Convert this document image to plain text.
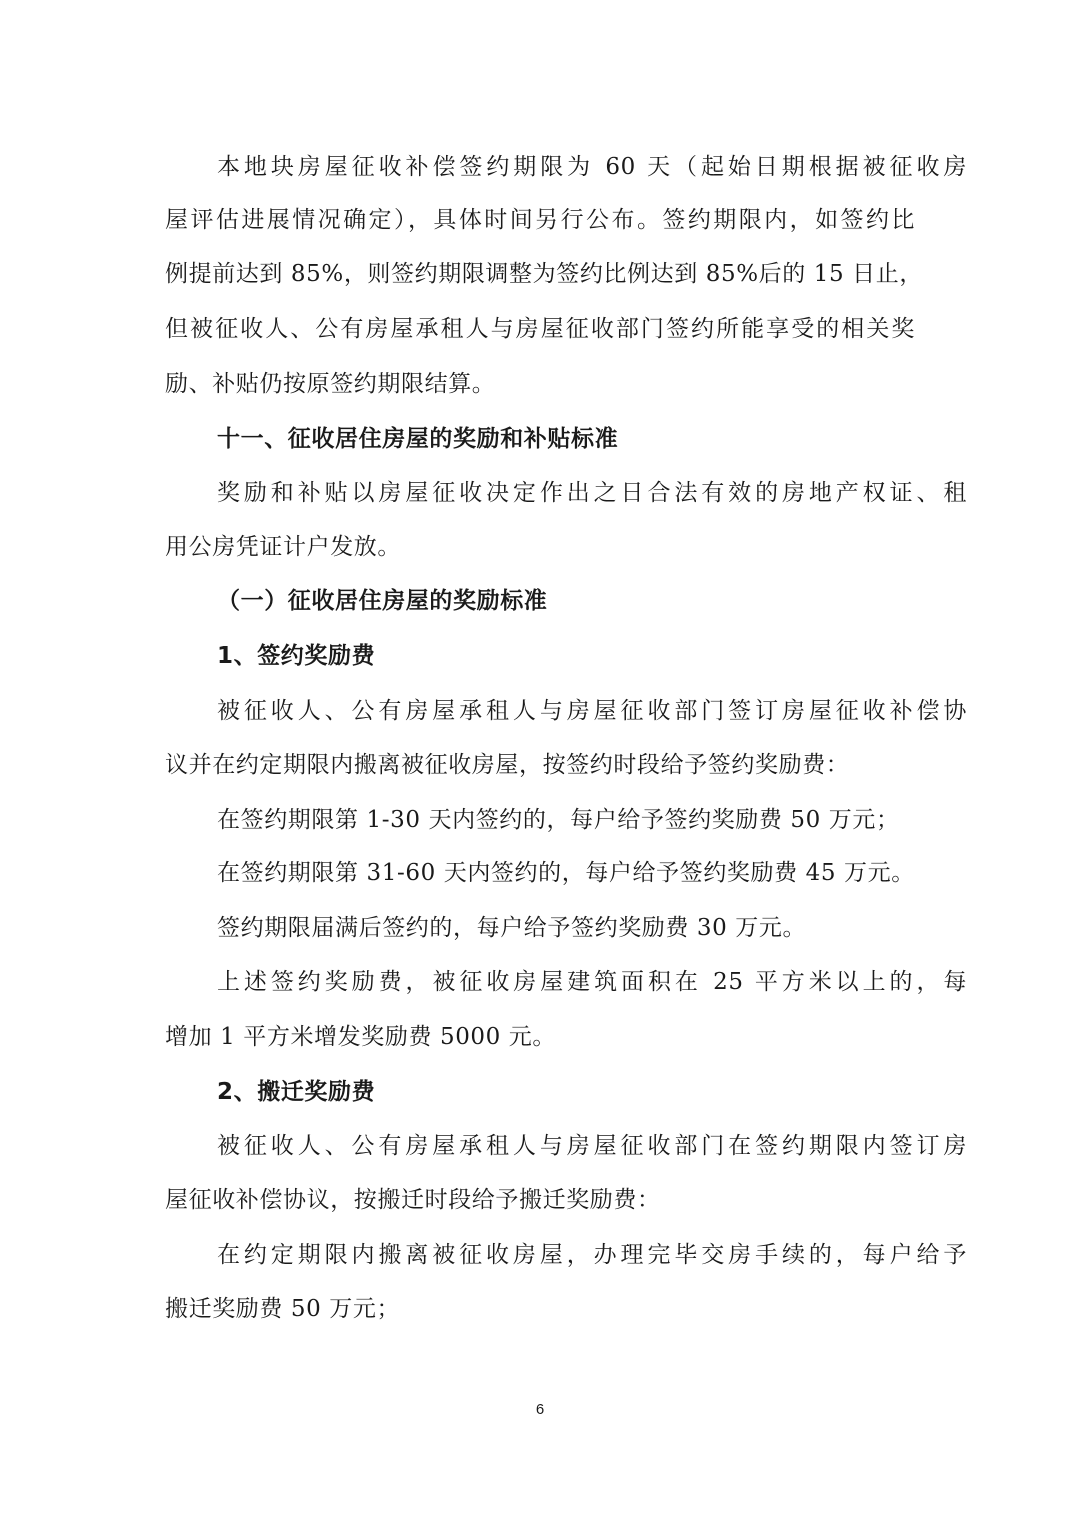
本地块房屋征收补偿签约期限为 60 天（起始日期根据被征收房
屋评估进展情况确定），具体时间另行公布。签约期限内，如签约比
例提前达到 85%，则签约期限调整为签约比例达到 85%后的 15 日止，
但被征收人、公有房屋承租人与房屋征收部门签约所能享受的相关奖
励、补贴仍按原签约期限结算。
十一、征收居住房屋的奖励和补贴标准
奖励和补贴以房屋征收决定作出之日合法有效的房地产权证、租
用公房凭证计户发放。
（一）征收居住房屋的奖励标准
1、签约奖励费
被征收人、公有房屋承租人与房屋征收部门签订房屋征收补偿协
议并在约定期限内搬离被征收房屋，按签约时段给予签约奖励费：
在签约期限第 1-30 天内签约的，每户给予签约奖励费 50 万元；
在签约期限第 31-60 天内签约的，每户给予签约奖励费 45 万元。
签约期限届满后签约的，每户给予签约奖励费 30 万元。
上述签约奖励费，被征收房屋建筑面积在 25 平方米以上的，每
增加 1 平方米增发奖励费 5000 元。
2、搬迁奖励费
被征收人、公有房屋承租人与房屋征收部门在签约期限内签订房
屋征收补偿协议，按搬迁时段给予搬迁奖励费：
在约定期限内搬离被征收房屋，办理完毕交房手续的，每户给予
搬迁奖励费 50 万元；
6
